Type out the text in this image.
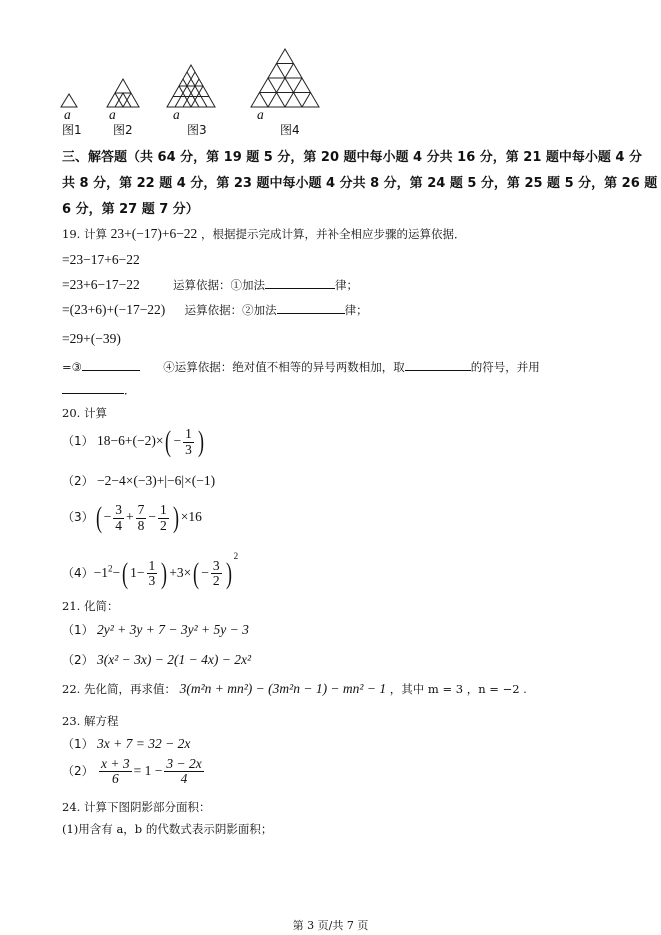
a	a	a	a
图1	图2	图3	图4
三、解答题（共 64 分，第 19 题 5 分，第 20 题中每小题 4 分共 16 分，第 21 题中每小题 4 分
共 8 分，第 22 题 4 分，第 23 题中每小题 4 分共 8 分，第 24 题 5 分，第 25 题 5 分，第 26 题
6 分，第 27 题 7 分）
19. 计算 23+(−17)+6−22 ，根据提示完成计算，并补全相应步骤的运算依据．
=23−17+6−22
=23+6−17−22	运算依据：①加法	律；
=(23+6)+(−17−22) 运算依据：②加法	律；
=29+(−39)
=③	④运算依据：绝对值不相等的异号两数相加，取	的符号，并用
．
20. 计算
（1） $18-6+(-2)\times( - \frac{1}{3}$ )
（2） −2−4×(−3)+|−6|×(−1)
$(3)( - \frac{3}{4} + \frac{7}{8} - \frac{1}{2}$ ) ×16
$(4)-1^2-$( $1- \frac{1}{3}$ ) $+3\times( - \frac{3}{2} )^2$
21. 化简：
（1） 2y² + 3y + 7 − 3y² + 5y − 3
（2） 3(x² − 3x) − 2(1 − 4x) − 2x²
22. 先化简，再求值： 3(m²n + mn²) − (3m²n − 1) − mn² − 1 ，其中 m = 3 ，n = −2 .
23. 解方程
（1） 3x + 7 = 32 − 2x
$(2) \frac{x + 3}{6} = 1 - \frac{3 - 2x}{4}$
24. 计算下图阴影部分面积：
(1)用含有 a，b 的代数式表示阴影面积；
第 3 页/共 7 页
